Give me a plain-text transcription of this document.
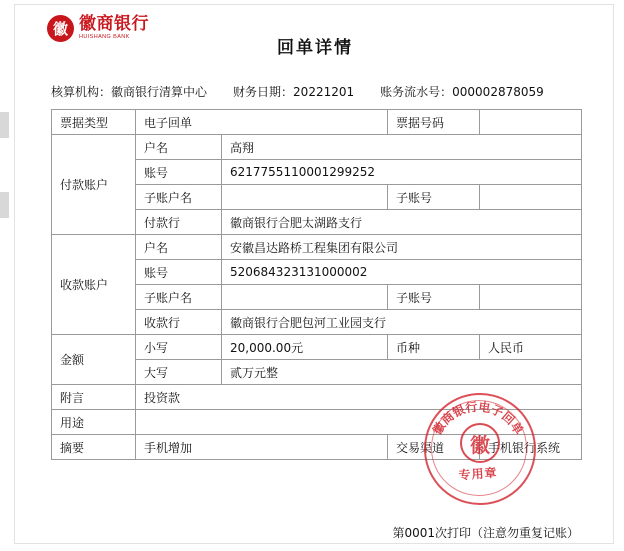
徽 徽商银行
HUISHANG BANK
回单详情
核算机构：徽商银行清算中心 财务日期：20221201 账务流水号：000002878059
票据类型	电子回单		票据号码	
付款账户	户名	高翔		
	账号	6217755110001299252		
	子账户名		子账号	
	付款行	徽商银行合肥太湖路支行		
收款账户	户名	安徽昌达路桥工程集团有限公司		
	账号	520684323131000002		
	子账户名		子账号	
	收款行	徽商银行合肥包河工业园支行		
金额	小写	20,000.00元	币种	人民币
	大写	贰万元整		
附言	投资款			
用途				
摘要	手机增加		交易渠道	手机银行系统
徽商银行电子回单
徽
专用章
第0001次打印（注意勿重复记账）
